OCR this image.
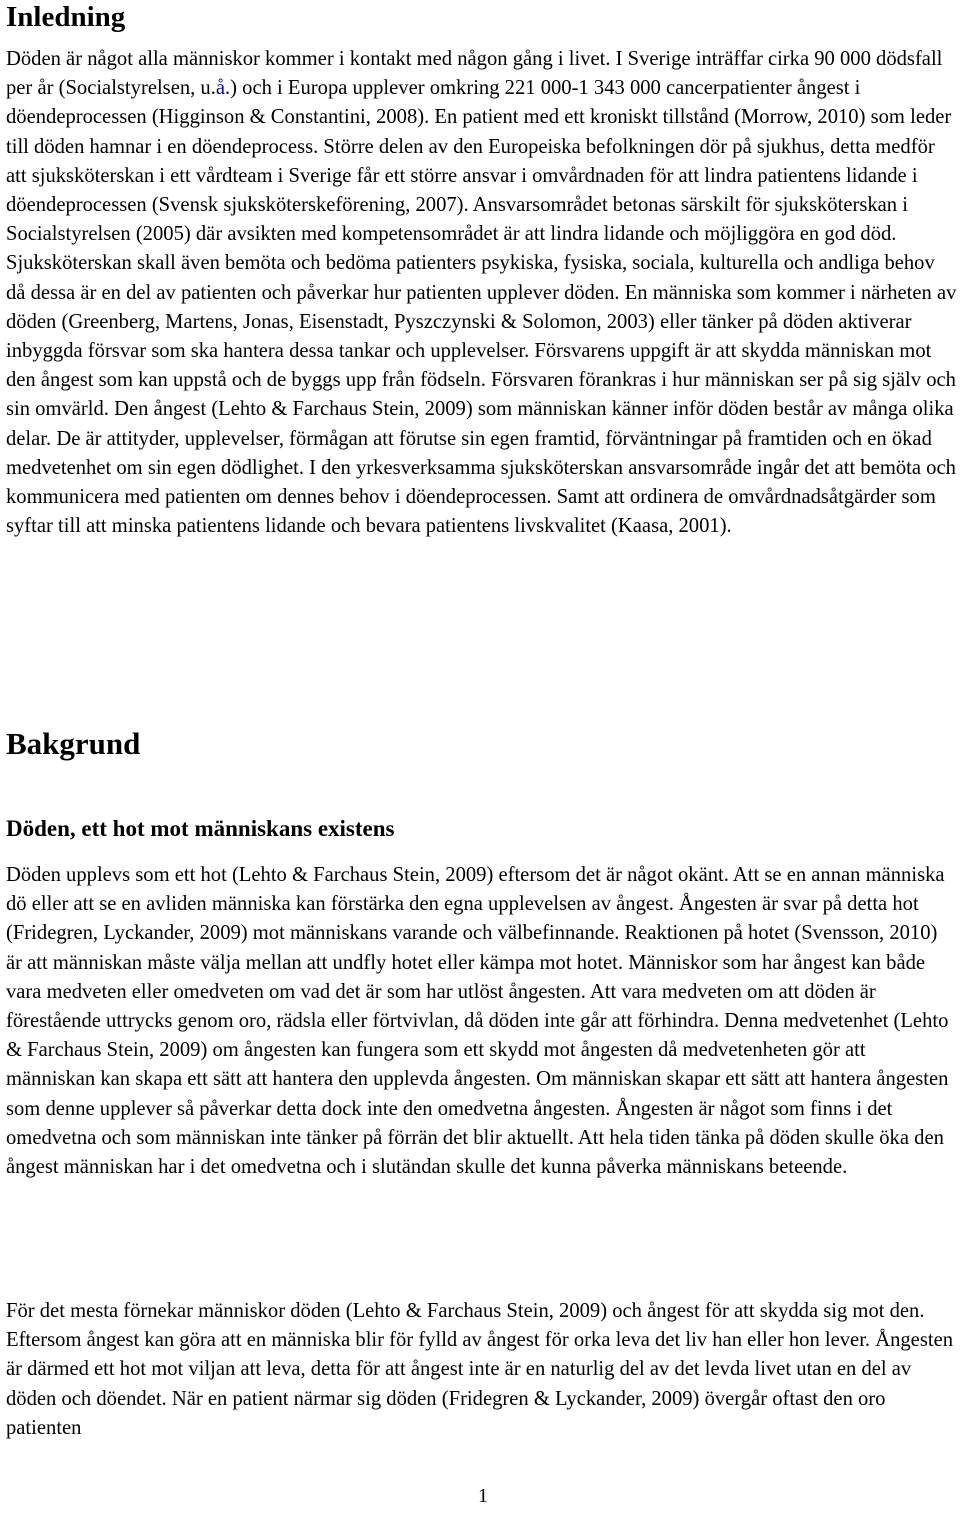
Inledning

Döden är något alla människor kommer i kontakt med någon gång i livet. I Sverige inträffar cirka 90 000 dödsfall per år (Socialstyrelsen, u.å.) och i Europa upplever omkring 221 000-1 343 000 cancerpatienter ångest i döendeprocessen (Higginson & Constantini, 2008). En patient med ett kroniskt tillstånd (Morrow, 2010) som leder till döden hamnar i en döendeprocess. Större delen av den Europeiska befolkningen dör på sjukhus, detta medför att sjuksköterskan i ett vårdteam i Sverige får ett större ansvar i omvårdnaden för att lindra patientens lidande i döendeprocessen (Svensk sjuksköterskeförening, 2007). Ansvarsområdet betonas särskilt för sjuksköterskan i Socialstyrelsen (2005) där avsikten med kompetensområdet är att lindra lidande och möjliggöra en god död. Sjuksköterskan skall även bemöta och bedöma patienters psykiska, fysiska, sociala, kulturella och andliga behov då dessa är en del av patienten och påverkar hur patienten upplever döden. En människa som kommer i närheten av döden (Greenberg, Martens, Jonas, Eisenstadt, Pyszczynski & Solomon, 2003) eller tänker på döden aktiverar inbyggda försvar som ska hantera dessa tankar och upplevelser. Försvarens uppgift är att skydda människan mot den ångest som kan uppstå och de byggs upp från födseln. Försvaren förankras i hur människan ser på sig själv och sin omvärld. Den ångest (Lehto & Farchaus Stein, 2009) som människan känner inför döden består av många olika delar. De är attityder, upplevelser, förmågan att förutse sin egen framtid, förväntningar på framtiden och en ökad medvetenhet om sin egen dödlighet. I den yrkesverksamma sjuksköterskan ansvarsområde ingår det att bemöta och kommunicera med patienten om dennes behov i döendeprocessen. Samt att ordinera de omvårdnadsåtgärder som syftar till att minska patientens lidande och bevara patientens livskvalitet (Kaasa, 2001).

Bakgrund
Döden, ett hot mot människans existens

Döden upplevs som ett hot (Lehto & Farchaus Stein, 2009) eftersom det är något okänt. Att se en annan människa dö eller att se en avliden människa kan förstärka den egna upplevelsen av ångest. Ångesten är svar på detta hot (Fridegren, Lyckander, 2009) mot människans varande och välbefinnande. Reaktionen på hotet (Svensson, 2010) är att människan måste välja mellan att undfly hotet eller kämpa mot hotet. Människor som har ångest kan både vara medveten eller omedveten om vad det är som har utlöst ångesten. Att vara medveten om att döden är förestående uttrycks genom oro, rädsla eller förtvivlan, då döden inte går att förhindra. Denna medvetenhet (Lehto & Farchaus Stein, 2009) om ångesten kan fungera som ett skydd mot ångesten då medvetenheten gör att människan kan skapa ett sätt att hantera den upplevda ångesten. Om människan skapar ett sätt att hantera ångesten som denne upplever så påverkar detta dock inte den omedvetna ångesten. Ångesten är något som finns i det omedvetna och som människan inte tänker på förrän det blir aktuellt. Att hela tiden tänka på döden skulle öka den ångest människan har i det omedvetna och i slutändan skulle det kunna påverka människans beteende.

För det mesta förnekar människor döden (Lehto & Farchaus Stein, 2009) och ångest för att skydda sig mot den. Eftersom ångest kan göra att en människa blir för fylld av ångest för orka leva det liv han eller hon lever. Ångesten är därmed ett hot mot viljan att leva, detta för att ångest inte är en naturlig del av det levda livet utan en del av döden och döendet. När en patient närmar sig döden (Fridegren & Lyckander, 2009) övergår oftast den oro patienten

1
